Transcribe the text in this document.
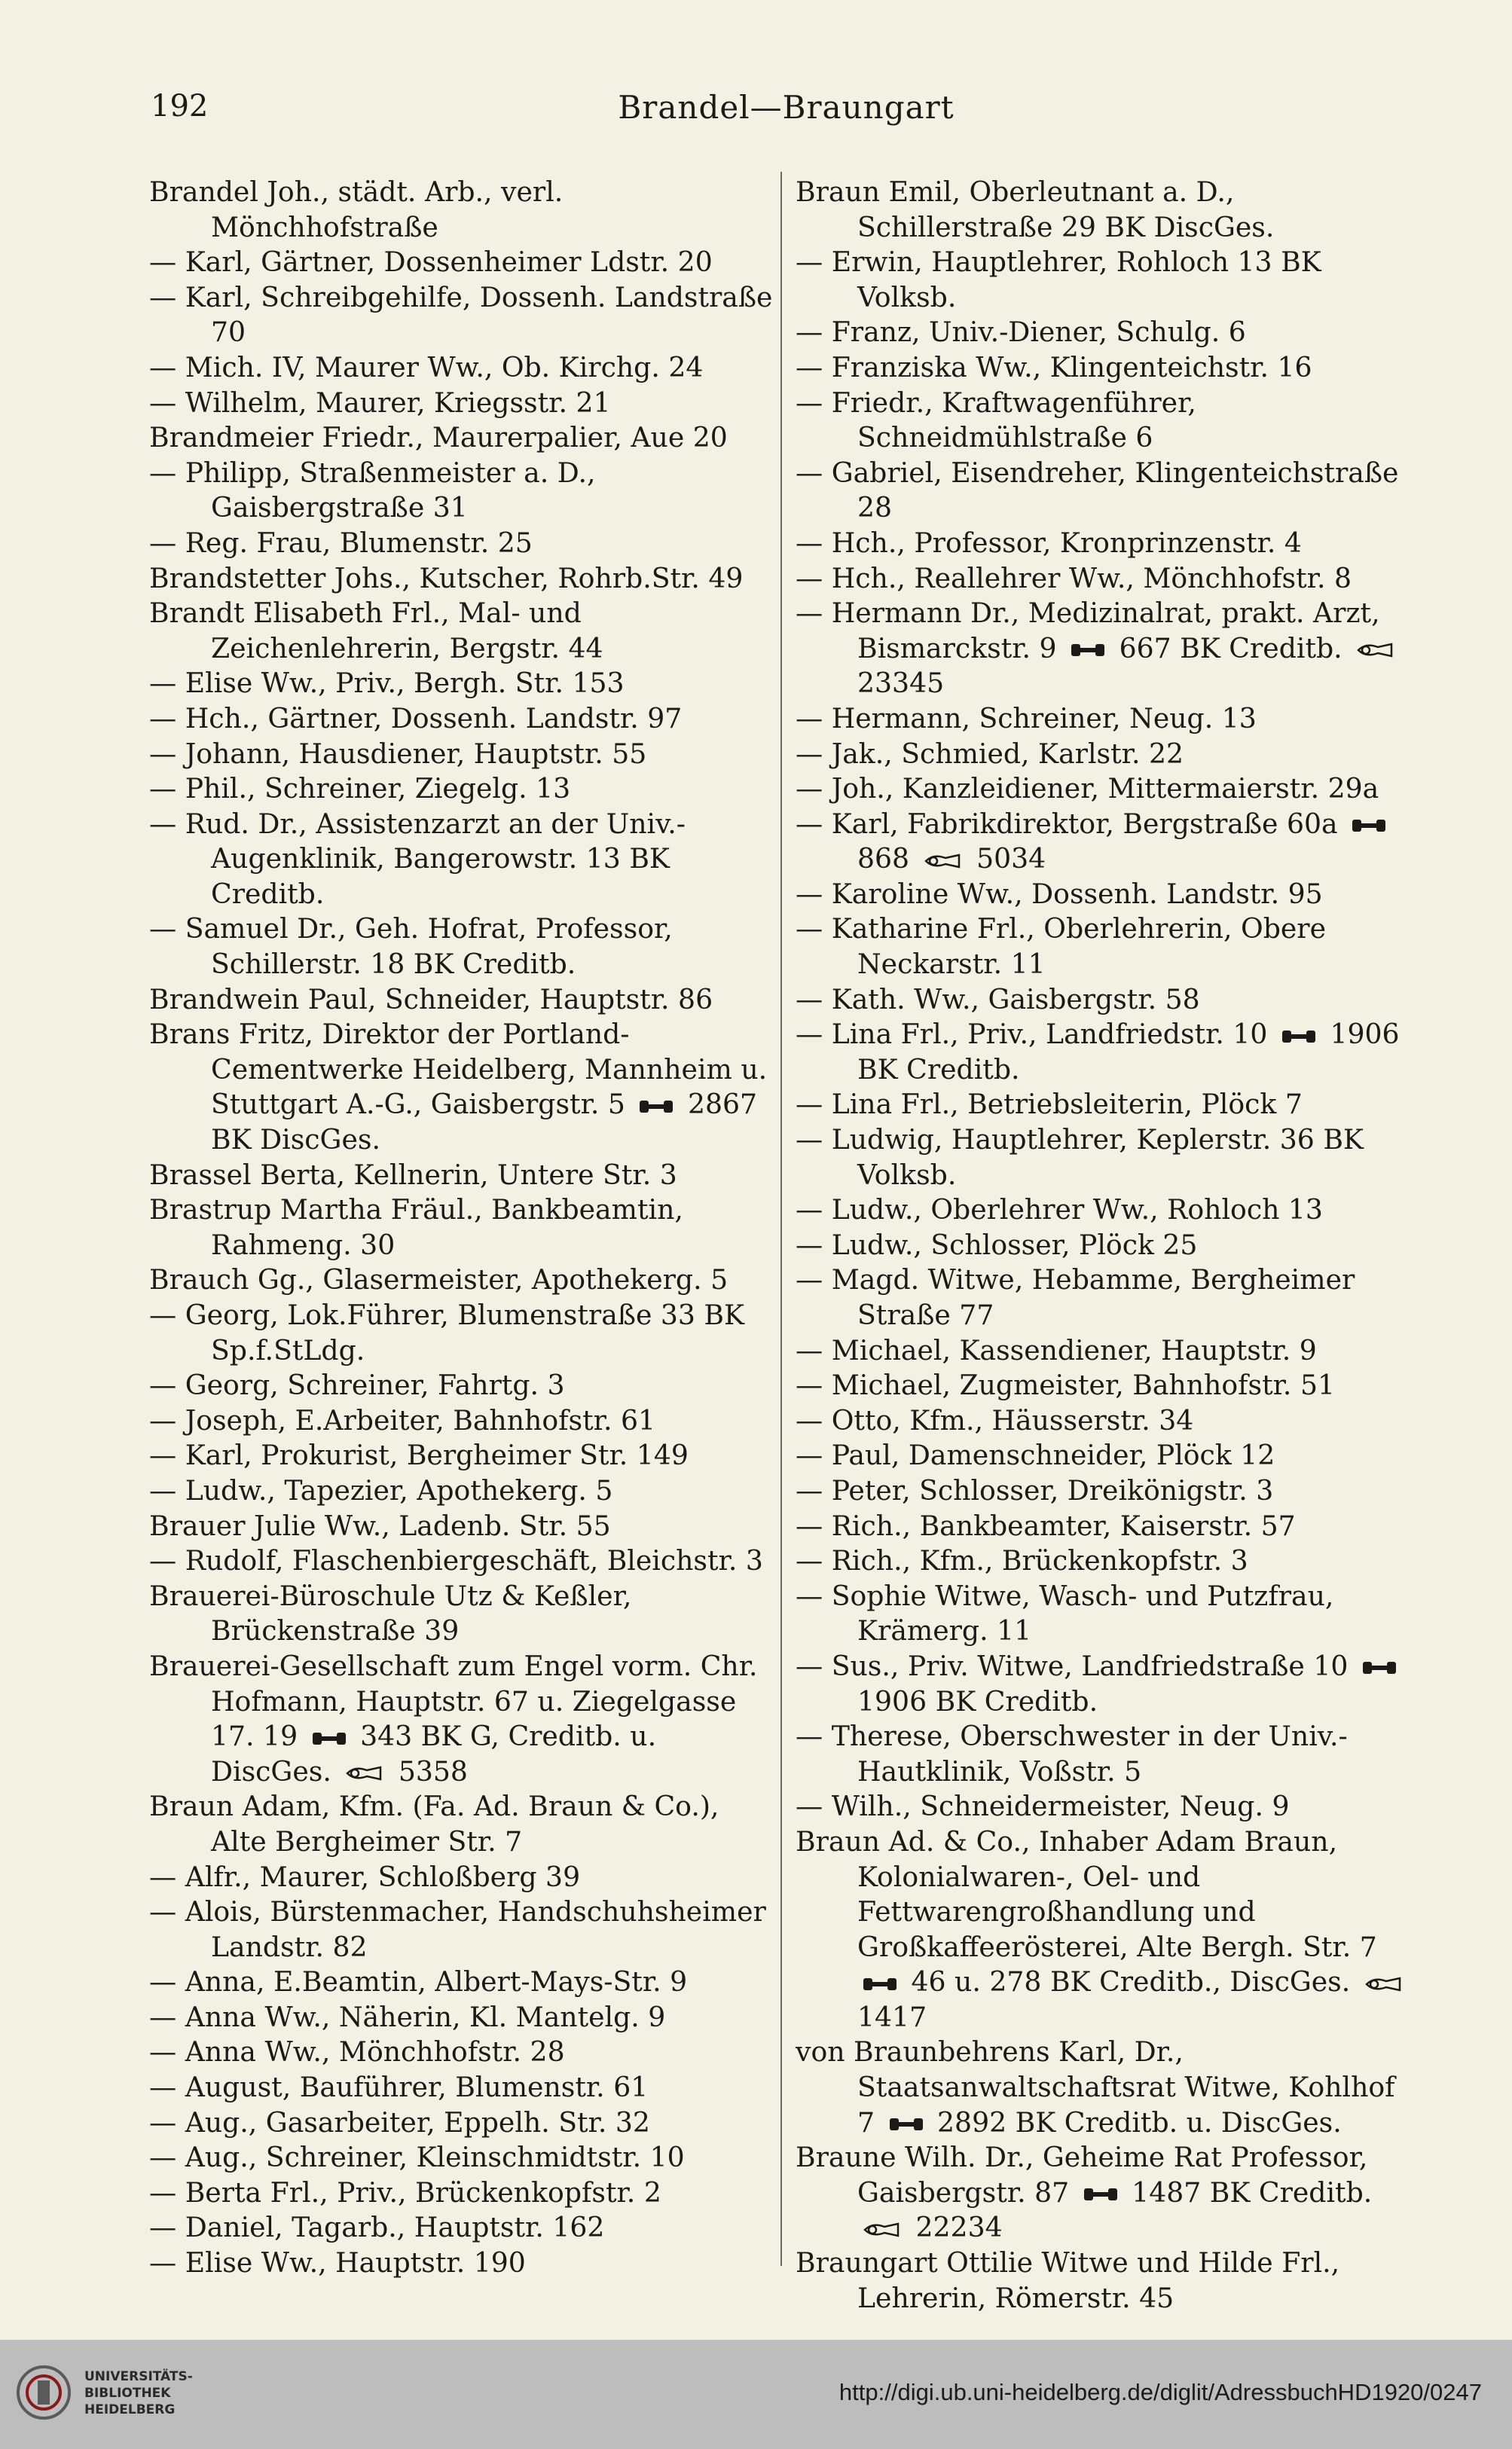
192	Brandel—Braungart
Brandel Joh., städt. Arb., verl. Mönchhofstraße
— Karl, Gärtner, Dossenheimer Ldstr. 20
— Karl, Schreibgehilfe, Dossenh. Landstraße 70
— Mich. IV, Maurer Ww., Ob. Kirchg. 24
— Wilhelm, Maurer, Kriegsstr. 21
Brandmeier Friedr., Maurerpalier, Aue 20
— Philipp, Straßenmeister a. D., Gaisbergstraße 31
— Reg. Frau, Blumenstr. 25
Brandstetter Johs., Kutscher, Rohrb.Str. 49
Brandt Elisabeth Frl., Mal- und Zeichenlehrerin, Bergstr. 44
— Elise Ww., Priv., Bergh. Str. 153
— Hch., Gärtner, Dossenh. Landstr. 97
— Johann, Hausdiener, Hauptstr. 55
— Phil., Schreiner, Ziegelg. 13
— Rud. Dr., Assistenzarzt an der Univ.-Augenklinik, Bangerowstr. 13 BK Creditb.
— Samuel Dr., Geh. Hofrat, Professor, Schillerstr. 18 BK Creditb.
Brandwein Paul, Schneider, Hauptstr. 86
Brans Fritz, Direktor der Portland-Cementwerke Heidelberg, Mannheim u. Stuttgart A.-G., Gaisbergstr. 5  2867 BK DiscGes.
Brassel Berta, Kellnerin, Untere Str. 3
Brastrup Martha Fräul., Bankbeamtin, Rahmeng. 30
Brauch Gg., Glasermeister, Apothekerg. 5
— Georg, Lok.Führer, Blumenstraße 33 BK Sp.f.StLdg.
— Georg, Schreiner, Fahrtg. 3
— Joseph, E.Arbeiter, Bahnhofstr. 61
— Karl, Prokurist, Bergheimer Str. 149
— Ludw., Tapezier, Apothekerg. 5
Brauer Julie Ww., Ladenb. Str. 55
— Rudolf, Flaschenbiergeschäft, Bleichstr. 3
Brauerei-Büroschule Utz & Keßler, Brückenstraße 39
Brauerei-Gesellschaft zum Engel vorm. Chr. Hofmann, Hauptstr. 67 u. Ziegelgasse 17. 19  343 BK G, Creditb. u. DiscGes.  5358
Braun Adam, Kfm. (Fa. Ad. Braun & Co.), Alte Bergheimer Str. 7
— Alfr., Maurer, Schloßberg 39
— Alois, Bürstenmacher, Handschuhsheimer Landstr. 82
— Anna, E.Beamtin, Albert-Mays-Str. 9
— Anna Ww., Näherin, Kl. Mantelg. 9
— Anna Ww., Mönchhofstr. 28
— August, Bauführer, Blumenstr. 61
— Aug., Gasarbeiter, Eppelh. Str. 32
— Aug., Schreiner, Kleinschmidtstr. 10
— Berta Frl., Priv., Brückenkopfstr. 2
— Daniel, Tagarb., Hauptstr. 162
— Elise Ww., Hauptstr. 190
Braun Emil, Oberleutnant a. D., Schillerstraße 29 BK DiscGes.
— Erwin, Hauptlehrer, Rohloch 13 BK Volksb.
— Franz, Univ.-Diener, Schulg. 6
— Franziska Ww., Klingenteichstr. 16
— Friedr., Kraftwagenführer, Schneidmühlstraße 6
— Gabriel, Eisendreher, Klingenteichstraße 28
— Hch., Professor, Kronprinzenstr. 4
— Hch., Reallehrer Ww., Mönchhofstr. 8
— Hermann Dr., Medizinalrat, prakt. Arzt, Bismarckstr. 9  667 BK Creditb.  23345
— Hermann, Schreiner, Neug. 13
— Jak., Schmied, Karlstr. 22
— Joh., Kanzleidiener, Mittermaierstr. 29a
— Karl, Fabrikdirektor, Bergstraße 60a  868  5034
— Karoline Ww., Dossenh. Landstr. 95
— Katharine Frl., Oberlehrerin, Obere Neckarstr. 11
— Kath. Ww., Gaisbergstr. 58
— Lina Frl., Priv., Landfriedstr. 10  1906 BK Creditb.
— Lina Frl., Betriebsleiterin, Plöck 7
— Ludwig, Hauptlehrer, Keplerstr. 36 BK Volksb.
— Ludw., Oberlehrer Ww., Rohloch 13
— Ludw., Schlosser, Plöck 25
— Magd. Witwe, Hebamme, Bergheimer Straße 77
— Michael, Kassendiener, Hauptstr. 9
— Michael, Zugmeister, Bahnhofstr. 51
— Otto, Kfm., Häusserstr. 34
— Paul, Damenschneider, Plöck 12
— Peter, Schlosser, Dreikönigstr. 3
— Rich., Bankbeamter, Kaiserstr. 57
— Rich., Kfm., Brückenkopfstr. 3
— Sophie Witwe, Wasch- und Putzfrau, Krämerg. 11
— Sus., Priv. Witwe, Landfriedstraße 10  1906 BK Creditb.
— Therese, Oberschwester in der Univ.-Hautklinik, Voßstr. 5
— Wilh., Schneidermeister, Neug. 9
Braun Ad. & Co., Inhaber Adam Braun, Kolonialwaren-, Oel- und Fettwarengroßhandlung und Großkaffeerösterei, Alte Bergh. Str. 7  46 u. 278 BK Creditb., DiscGes.  1417
von Braunbehrens Karl, Dr., Staatsanwaltschaftsrat Witwe, Kohlhof 7  2892 BK Creditb. u. DiscGes.
Braune Wilh. Dr., Geheime Rat Professor, Gaisbergstr. 87  1487 BK Creditb.  22234
Braungart Ottilie Witwe und Hilde Frl., Lehrerin, Römerstr. 45
UNIVERSITÄTS-
BIBLIOTHEK
HEIDELBERG
http://digi.ub.uni-heidelberg.de/diglit/AdressbuchHD1920/0247
